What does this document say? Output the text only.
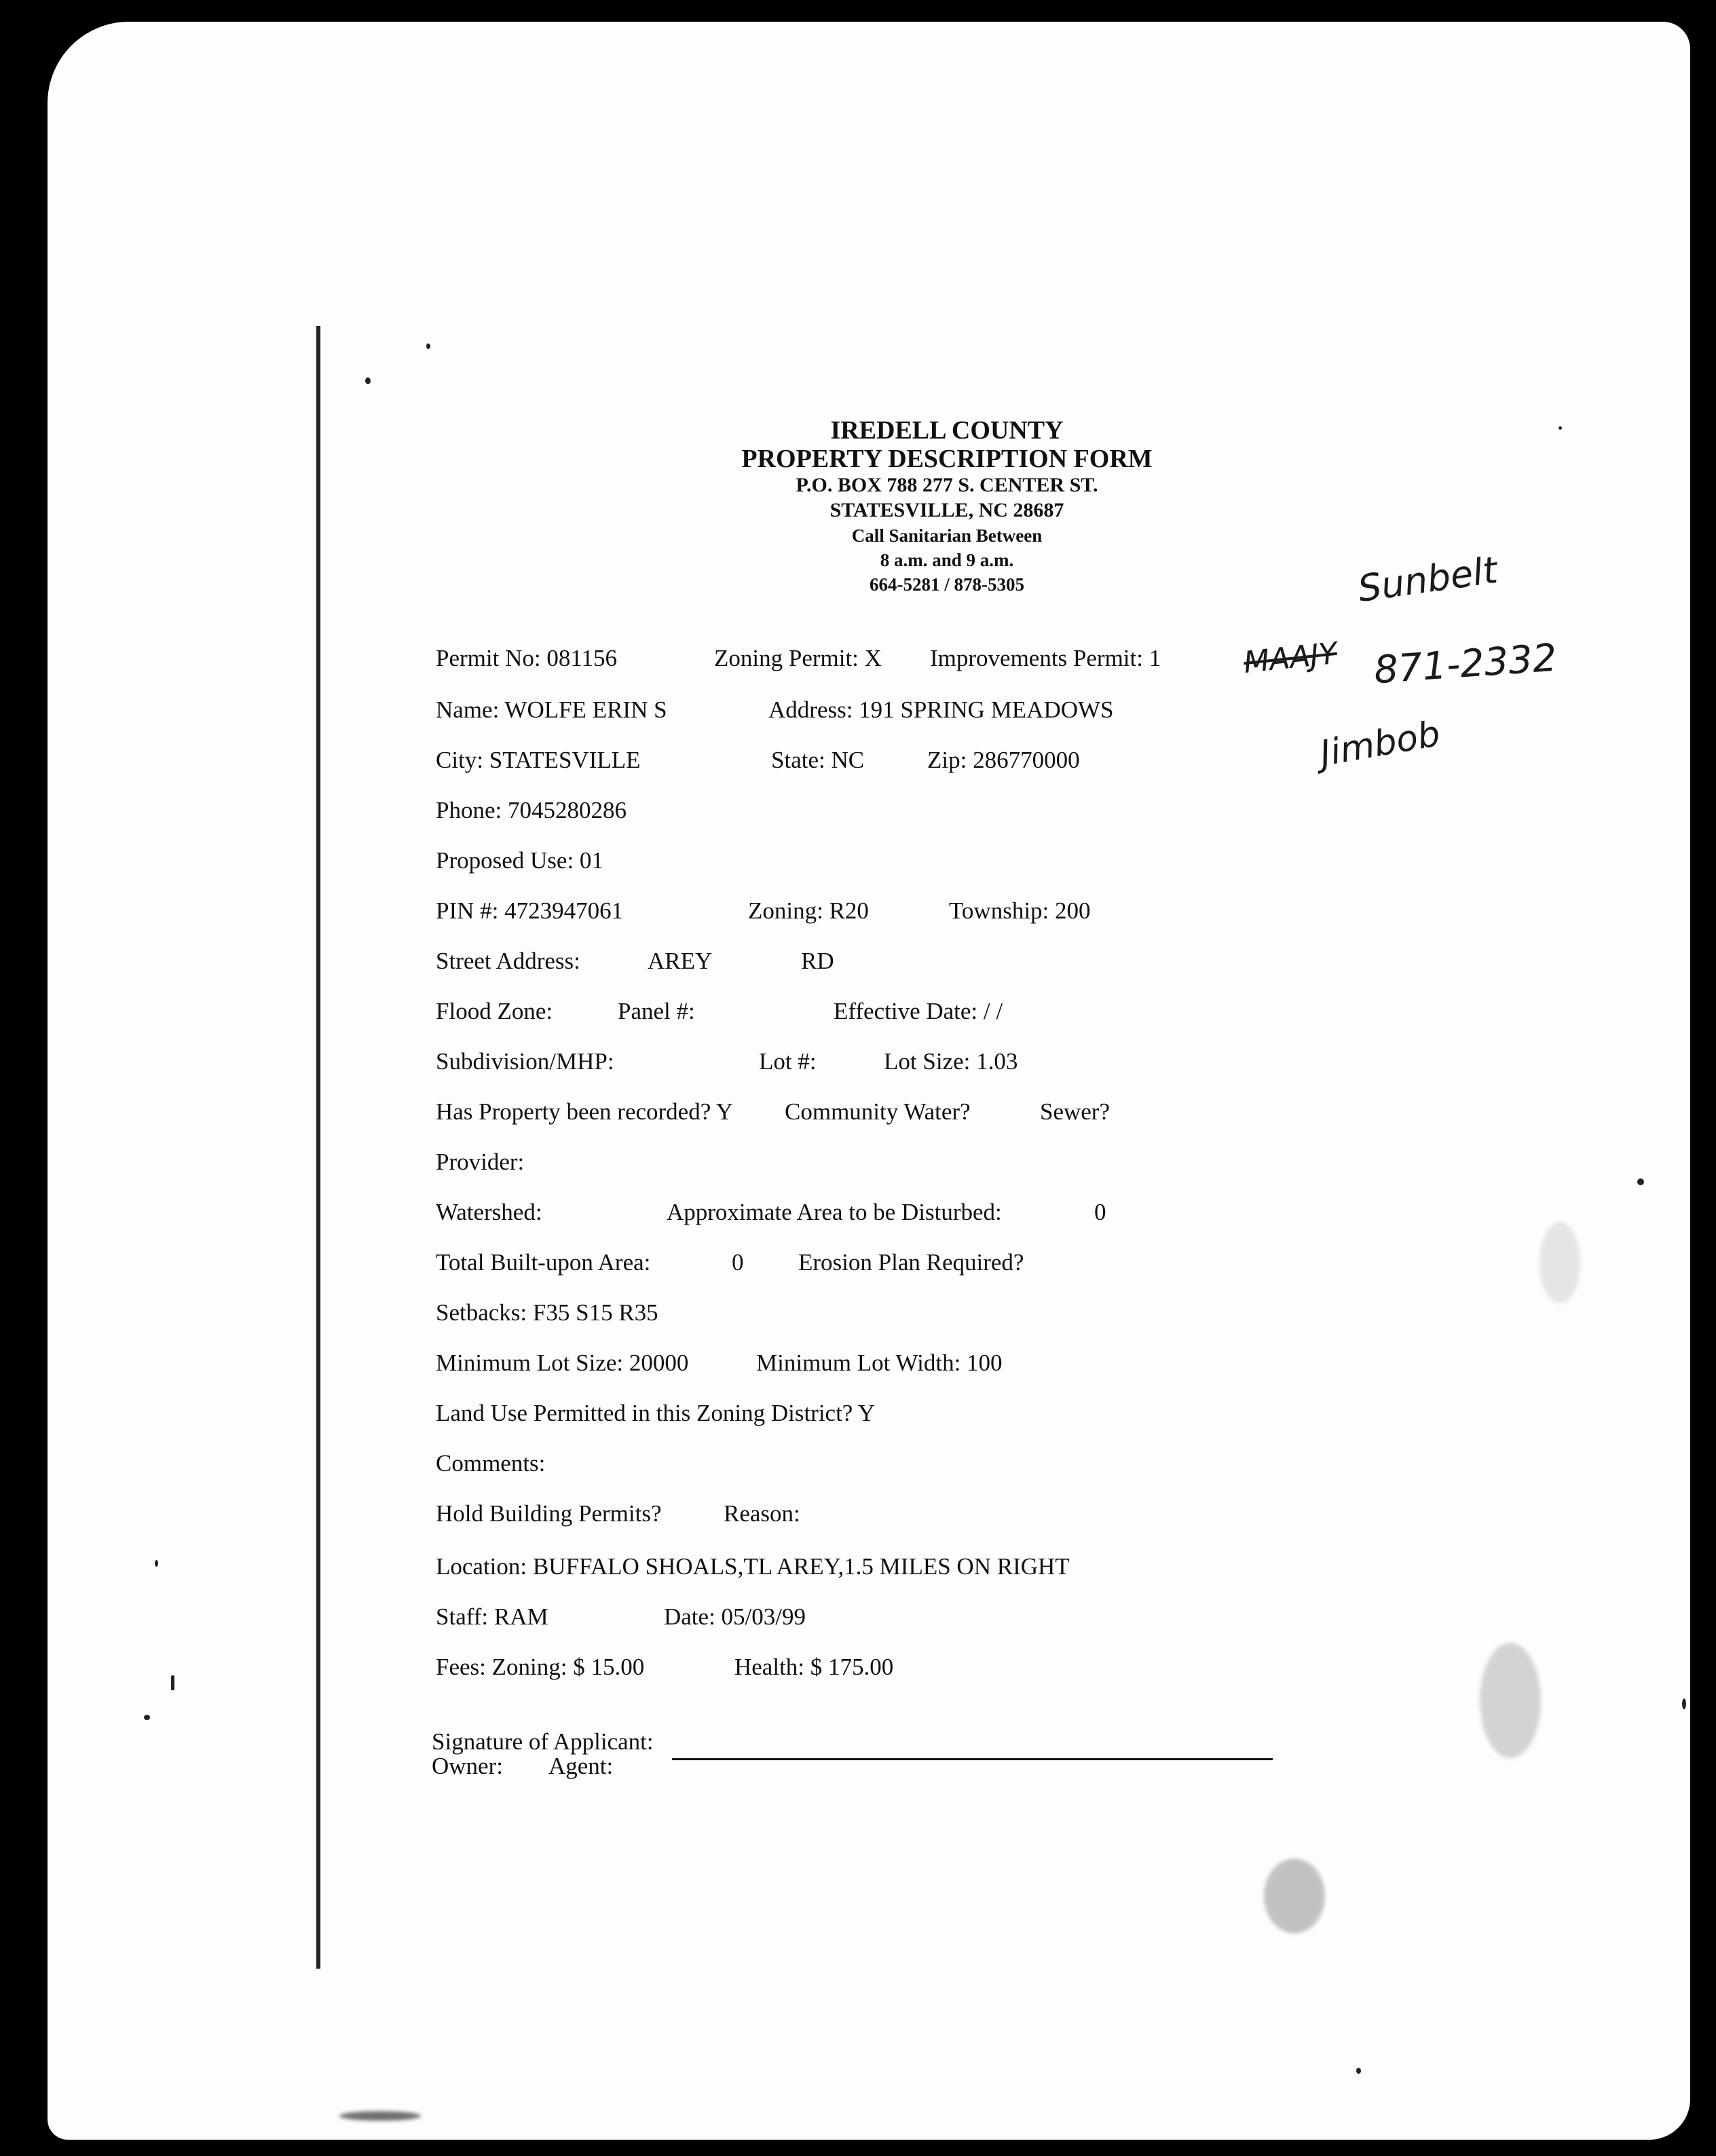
IREDELL COUNTY
PROPERTY DESCRIPTION FORM
P.O. BOX 788 277 S. CENTER ST.
STATESVILLE, NC 28687
Call Sanitarian Between
8 a.m. and 9 a.m.
664-5281 / 878-5305
Permit No: 081156	Zoning Permit: X Improvements Permit: 1
Name: WOLFE ERIN S	Address: 191 SPRING MEADOWS
City: STATESVILLE	State: NC	Zip: 286770000
Phone: 7045280286
Proposed Use: 01
PIN #: 4723947061	Zoning: R20	Township: 200
Street Address:	AREY	RD
Flood Zone:	Panel #:	Effective Date: / /
Subdivision/MHP:	Lot #:	Lot Size: 1.03
Has Property been recorded? Y Community Water?	Sewer?
Provider:
Watershed:	Approximate Area to be Disturbed:	0
Total Built-upon Area:	0 Erosion Plan Required?
Setbacks: F35 S15 R35
Minimum Lot Size: 20000	Minimum Lot Width: 100
Land Use Permitted in this Zoning District? Y
Comments:
Hold Building Permits?	Reason:
Location: BUFFALO SHOALS,TL AREY,1.5 MILES ON RIGHT
Staff: RAM	Date: 05/03/99
Fees: Zoning: $ 15.00	Health: $ 175.00
Signature of Applicant:
Owner: Agent:
Sunbelt
MAAJY 871-2332
Jimbob
